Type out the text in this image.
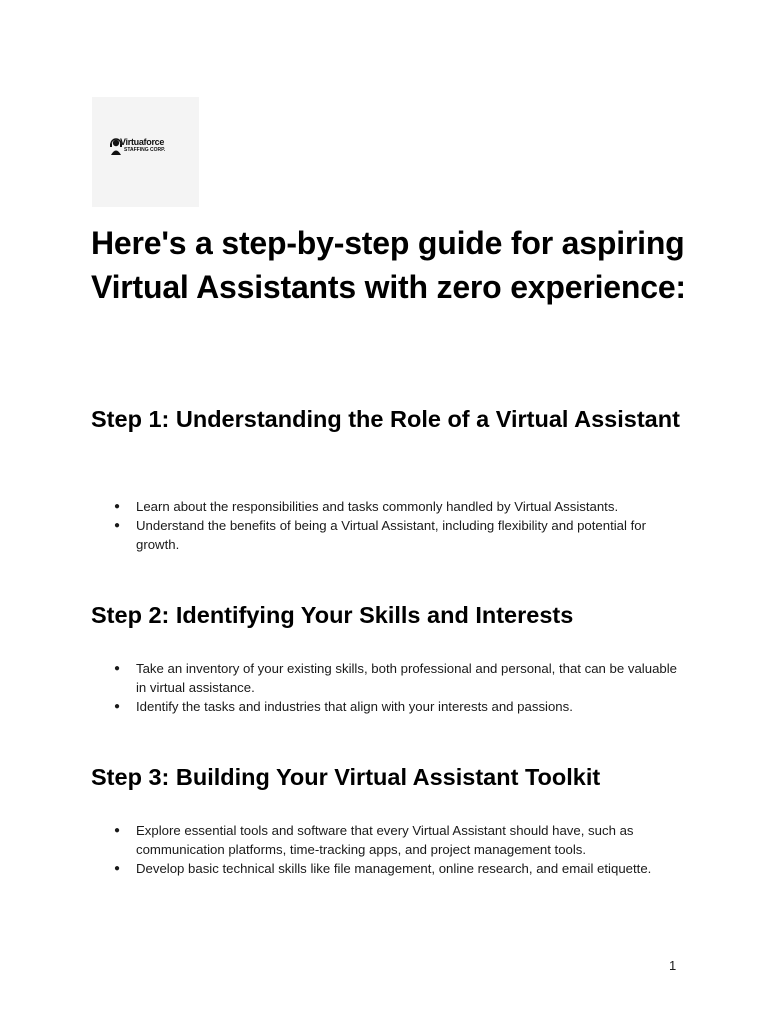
Virtuaforce
STAFFING CORP.
Here's a step-by-step guide for aspiring Virtual Assistants with zero experience:
Step 1: Understanding the Role of a Virtual Assistant
● Learn about the responsibilities and tasks commonly handled by Virtual Assistants.
● Understand the benefits of being a Virtual Assistant, including flexibility and potential for growth.
Step 2: Identifying Your Skills and Interests
● Take an inventory of your existing skills, both professional and personal, that can be valuable in virtual assistance.
● Identify the tasks and industries that align with your interests and passions.
Step 3: Building Your Virtual Assistant Toolkit
● Explore essential tools and software that every Virtual Assistant should have, such as communication platforms, time-tracking apps, and project management tools.
● Develop basic technical skills like file management, online research, and email etiquette.
1
